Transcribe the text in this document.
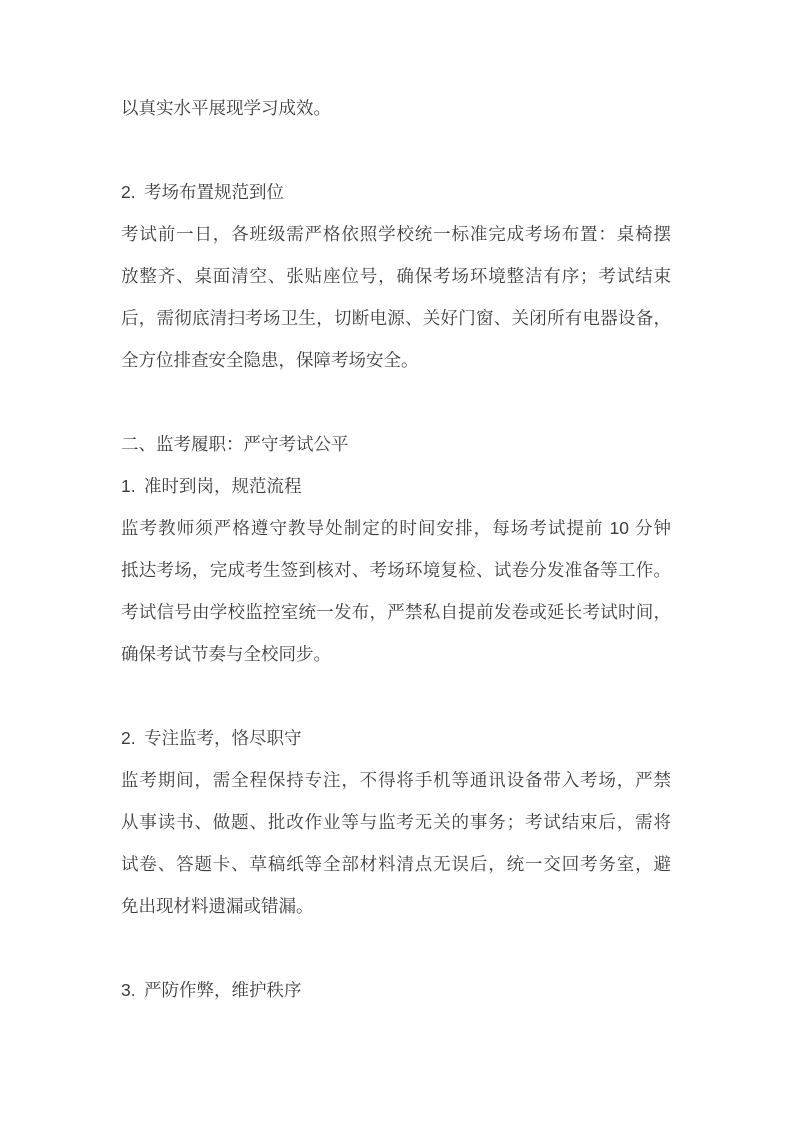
以真实水平展现学习成效。
2. 考场布置规范到位
考试前一日，各班级需严格依照学校统一标准完成考场布置：桌椅摆
放整齐、桌面清空、张贴座位号，确保考场环境整洁有序；考试结束
后，需彻底清扫考场卫生，切断电源、关好门窗、关闭所有电器设备，
全方位排查安全隐患，保障考场安全。
二、监考履职：严守考试公平
1. 准时到岗，规范流程
监考教师须严格遵守教导处制定的时间安排，每场考试提前 10 分钟
抵达考场，完成考生签到核对、考场环境复检、试卷分发准备等工作。
考试信号由学校监控室统一发布，严禁私自提前发卷或延长考试时间，
确保考试节奏与全校同步。
2. 专注监考，恪尽职守
监考期间，需全程保持专注，不得将手机等通讯设备带入考场，严禁
从事读书、做题、批改作业等与监考无关的事务；考试结束后，需将
试卷、答题卡、草稿纸等全部材料清点无误后，统一交回考务室，避
免出现材料遗漏或错漏。
3. 严防作弊，维护秩序
